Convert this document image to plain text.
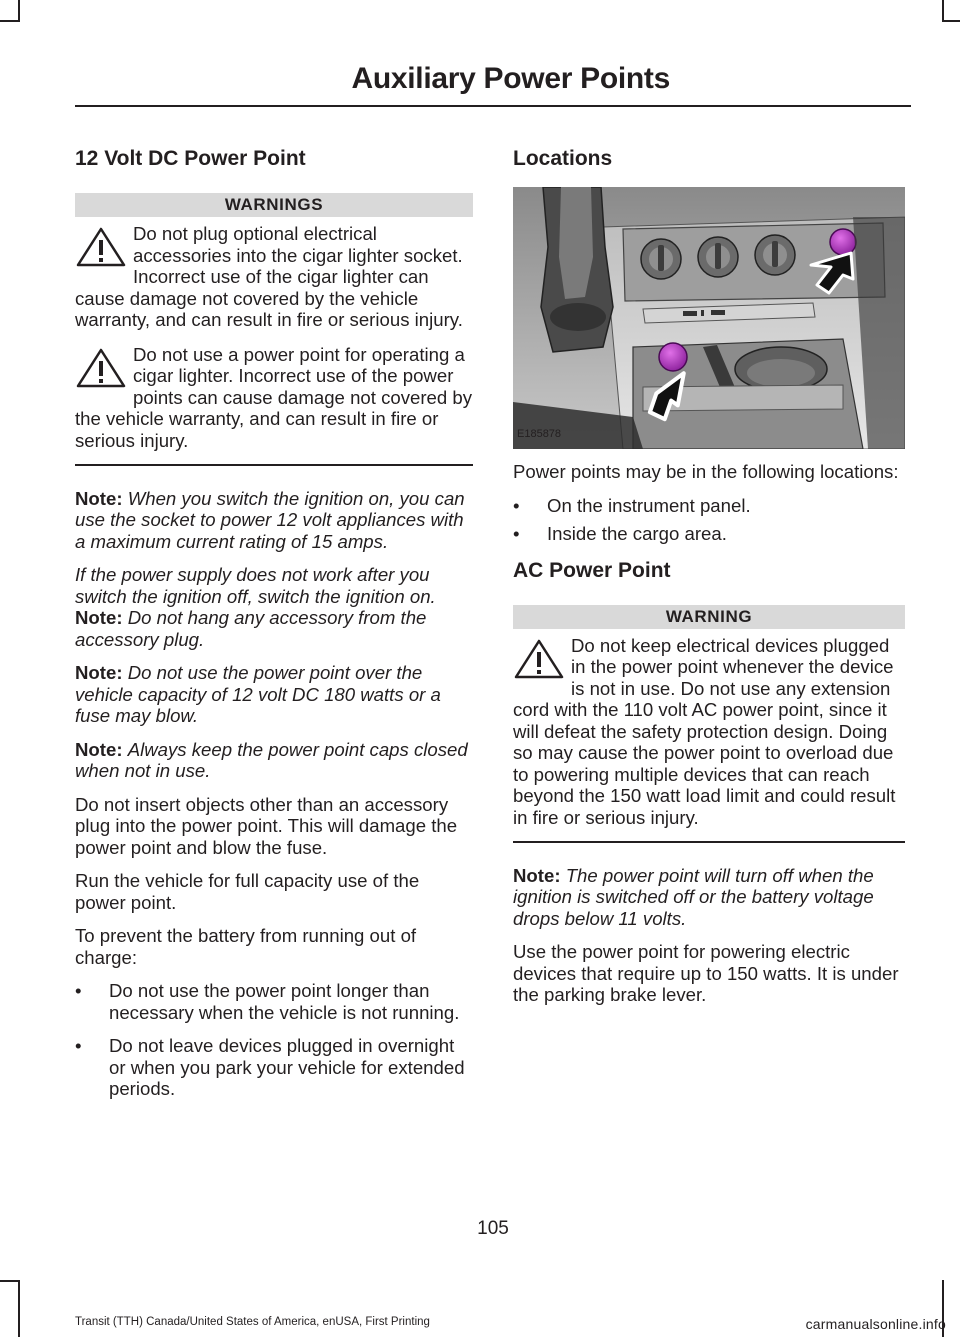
Auxiliary Power Points
12 Volt DC Power Point
WARNINGS
Do not plug optional electrical accessories into the cigar lighter socket. Incorrect use of the cigar lighter can cause damage not covered by the vehicle warranty, and can result in fire or serious injury.
Do not use a power point for operating a cigar lighter. Incorrect use of the power points can cause damage not covered by the vehicle warranty, and can result in fire or serious injury.

Note: When you switch the ignition on, you can use the socket to power 12 volt appliances with a maximum current rating of 15 amps.

If the power supply does not work after you switch the ignition off, switch the ignition on.

Note: Do not hang any accessory from the accessory plug.

Note: Do not use the power point over the vehicle capacity of 12 volt DC 180 watts or a fuse may blow.

Note: Always keep the power point caps closed when not in use.

Do not insert objects other than an accessory plug into the power point. This will damage the power point and blow the fuse.

Run the vehicle for full capacity use of the power point.

To prevent the battery from running out of charge:

• Do not use the power point longer than necessary when the vehicle is not running.
• Do not leave devices plugged in overnight or when you park your vehicle for extended periods.
Locations
E185878

Power points may be in the following locations:

• On the instrument panel.
• Inside the cargo area.
AC Power Point
WARNING
Do not keep electrical devices plugged in the power point whenever the device is not in use. Do not use any extension cord with the 110 volt AC power point, since it will defeat the safety protection design. Doing so may cause the power point to overload due to powering multiple devices that can reach beyond the 150 watt load limit and could result in fire or serious injury.

Note: The power point will turn off when the ignition is switched off or the battery voltage drops below 11 volts.

Use the power point for powering electric devices that require up to 150 watts. It is under the parking brake lever.

105
Transit (TTH) Canada/United States of America, enUSA, First Printing	carmanualsonline.info
